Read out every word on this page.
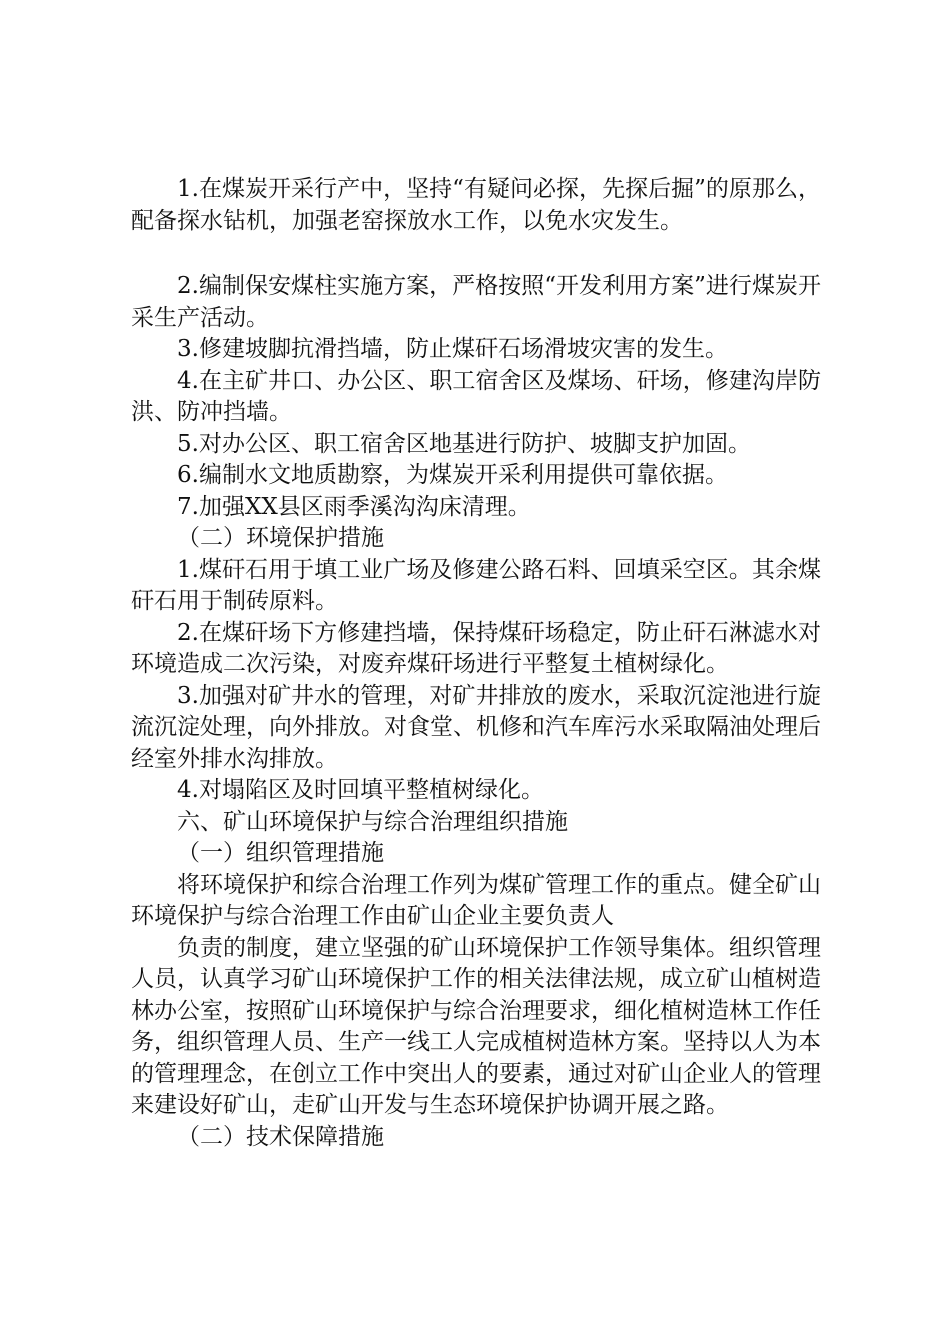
1.在煤炭开采行产中，坚持“有疑问必探，先探后掘”的原那么，配备探水钻机，加强老窑探放水工作，以免水灾发生。

2.编制保安煤柱实施方案，严格按照“开发利用方案”进行煤炭开采生产活动。

3.修建坡脚抗滑挡墙，防止煤矸石场滑坡灾害的发生。

4.在主矿井口、办公区、职工宿舍区及煤场、矸场，修建沟岸防洪、防冲挡墙。

5.对办公区、职工宿舍区地基进行防护、坡脚支护加固。

6.编制水文地质勘察，为煤炭开采利用提供可靠依据。

7.加强XX县区雨季溪沟沟床清理。

（二）环境保护措施

1.煤矸石用于填工业广场及修建公路石料、回填采空区。其余煤矸石用于制砖原料。

2.在煤矸场下方修建挡墙，保持煤矸场稳定，防止矸石淋滤水对环境造成二次污染，对废弃煤矸场进行平整复土植树绿化。

3.加强对矿井水的管理，对矿井排放的废水，采取沉淀池进行旋流沉淀处理，向外排放。对食堂、机修和汽车库污水采取隔油处理后经室外排水沟排放。

4.对塌陷区及时回填平整植树绿化。

六、矿山环境保护与综合治理组织措施

（一）组织管理措施

将环境保护和综合治理工作列为煤矿管理工作的重点。健全矿山环境保护与综合治理工作由矿山企业主要负责人

负责的制度，建立坚强的矿山环境保护工作领导集体。组织管理人员，认真学习矿山环境保护工作的相关法律法规，成立矿山植树造林办公室，按照矿山环境保护与综合治理要求，细化植树造林工作任务，组织管理人员、生产一线工人完成植树造林方案。坚持以人为本的管理理念，在创立工作中突出人的要素，通过对矿山企业人的管理来建设好矿山，走矿山开发与生态环境保护协调开展之路。

（二）技术保障措施
